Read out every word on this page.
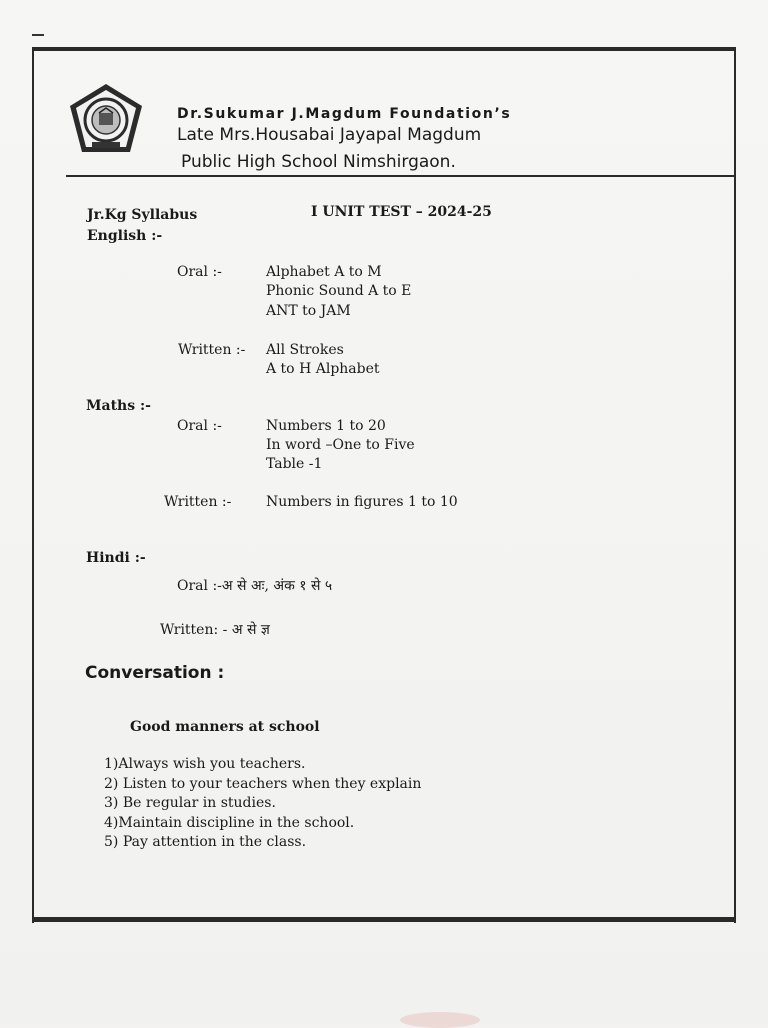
Dr.Sukumar J.Magdum Foundation’s
Late Mrs.Housabai Jayapal Magdum
Public High School Nimshirgaon.
Jr.Kg Syllabus	I UNIT TEST – 2024-25
English :-
Oral :-	Alphabet A to M
Phonic Sound A to E
ANT to JAM
Written :- All Strokes
A to H Alphabet
Maths :-
Oral :-	Numbers 1 to 20
In word –One to Five
Table -1
Written :- Numbers in figures 1 to 10
Hindi :-
Oral :-अ से अः, अंक १ से ५
Written: - अ से ज्ञ
Conversation :
Good manners at school
1)Always wish you teachers.
2) Listen to your teachers when they explain
3) Be regular in studies.
4)Maintain discipline in the school.
5) Pay attention in the class.
